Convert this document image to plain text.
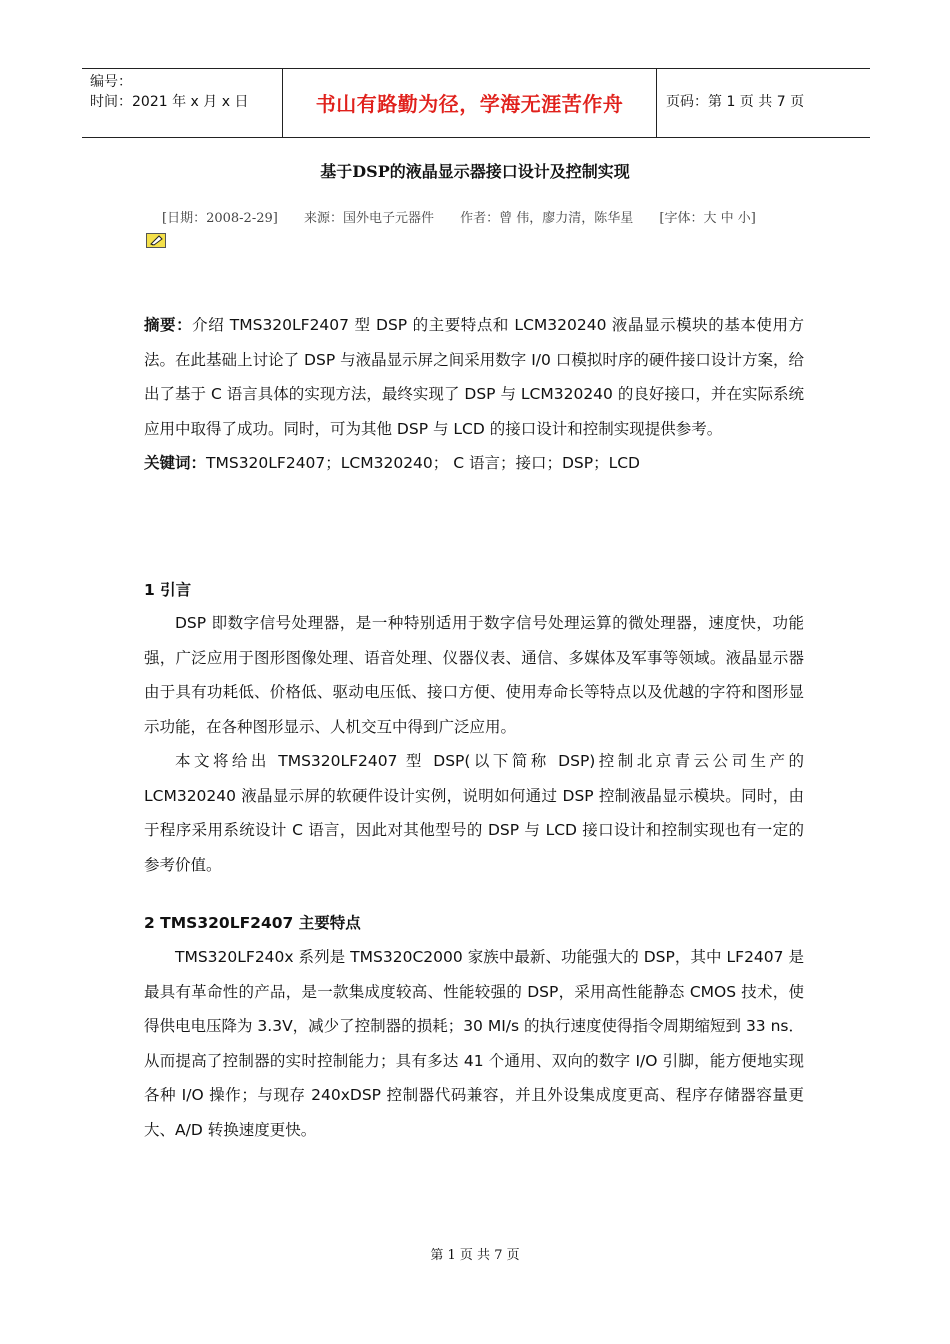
编号：
时间：2021 年 x 月 x 日	书山有路勤为径，学海无涯苦作舟	页码：第 1 页 共 7 页
基于DSP的液晶显示器接口设计及控制实现
[日期：2008-2-29] 来源：国外电子元器件 作者：曾 伟，廖力清，陈华星 [字体：大 中 小]

摘要：介绍 TMS320LF2407 型 DSP 的主要特点和 LCM320240 液晶显示模块的基本使用方法。在此基础上讨论了 DSP 与液晶显示屏之间采用数字 I/0 口模拟时序的硬件接口设计方案，给出了基于 C 语言具体的实现方法，最终实现了 DSP 与 LCM320240 的良好接口，并在实际系统应用中取得了成功。同时，可为其他 DSP 与 LCD 的接口设计和控制实现提供参考。

关键词：TMS320LF2407；LCM320240； C 语言；接口；DSP；LCD

1 引言

DSP 即数字信号处理器，是一种特别适用于数字信号处理运算的微处理器，速度快，功能强，广泛应用于图形图像处理、语音处理、仪器仪表、通信、多媒体及军事等领域。液晶显示器由于具有功耗低、价格低、驱动电压低、接口方便、使用寿命长等特点以及优越的字符和图形显示功能，在各种图形显示、人机交互中得到广泛应用。

本文将给出 TMS320LF2407 型 DSP(以下简称 DSP)控制北京青云公司生产的 LCM320240 液晶显示屏的软硬件设计实例，说明如何通过 DSP 控制液晶显示模块。同时，由于程序采用系统设计 C 语言，因此对其他型号的 DSP 与 LCD 接口设计和控制实现也有一定的参考价值。

2 TMS320LF2407 主要特点

TMS320LF240x 系列是 TMS320C2000 家族中最新、功能强大的 DSP，其中 LF2407 是最具有革命性的产品，是一款集成度较高、性能较强的 DSP，采用高性能静态 CMOS 技术，使得供电电压降为 3.3V，减少了控制器的损耗；30 MI/s 的执行速度使得指令周期缩短到 33 ns．从而提高了控制器的实时控制能力；具有多达 41 个通用、双向的数字 I/O 引脚，能方便地实现各种 I/O 操作；与现存 240xDSP 控制器代码兼容，并且外设集成度更高、程序存储器容量更大、A/D 转换速度更快。

第 1 页 共 7 页
